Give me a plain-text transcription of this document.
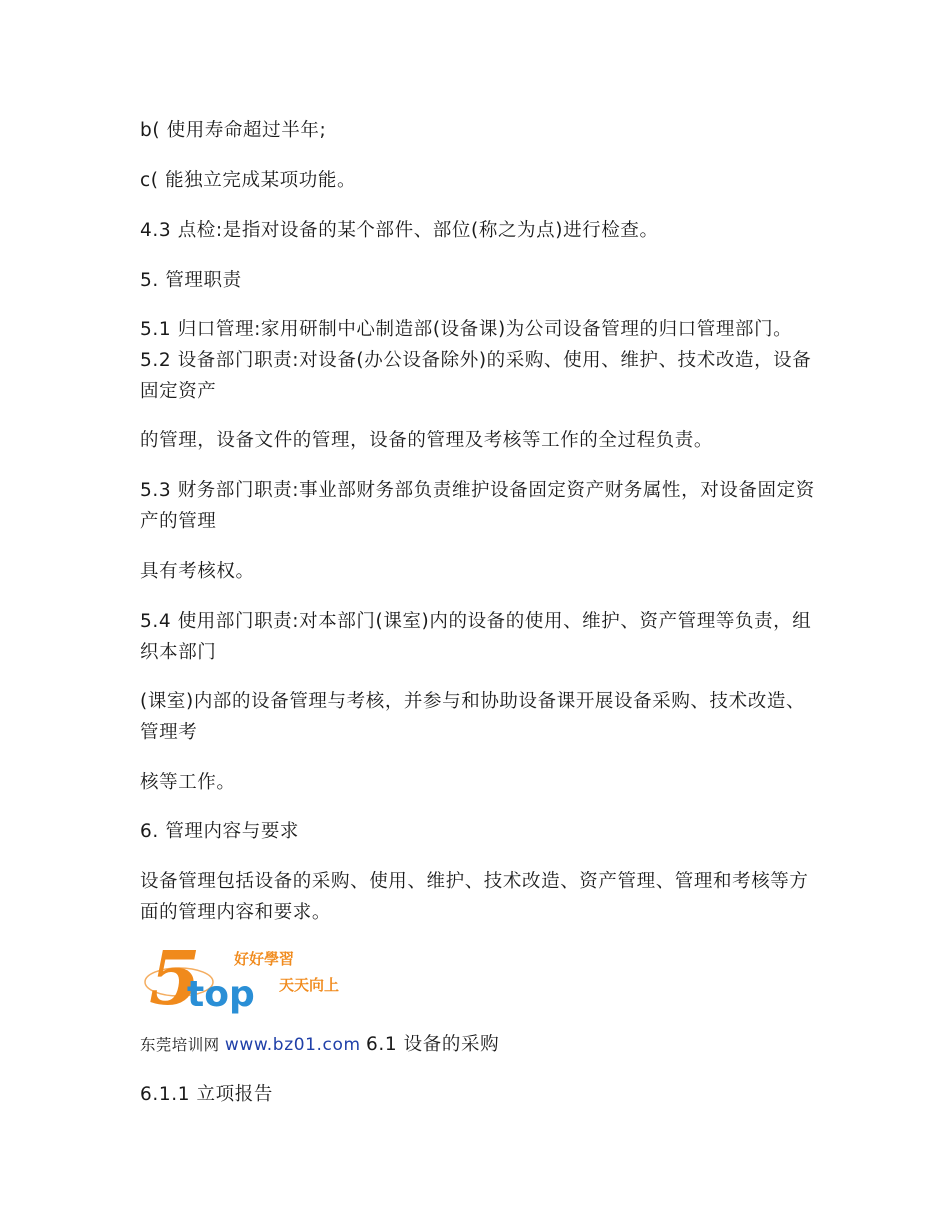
b( 使用寿命超过半年;

c( 能独立完成某项功能。

4.3 点检:是指对设备的某个部件、部位(称之为点)进行检查。

5. 管理职责

5.1 归口管理:家用研制中心制造部(设备课)为公司设备管理的归口管理部门。 5.2 设备部门职责:对设备(办公设备除外)的采购、使用、维护、技术改造，设备固定资产

的管理，设备文件的管理，设备的管理及考核等工作的全过程负责。

5.3 财务部门职责:事业部财务部负责维护设备固定资产财务属性，对设备固定资产的管理

具有考核权。

5.4 使用部门职责:对本部门(课室)内的设备的使用、维护、资产管理等负责，组织本部门

(课室)内部的设备管理与考核，并参与和协助设备课开展设备采购、技术改造、管理考

核等工作。

6. 管理内容与要求

设备管理包括设备的采购、使用、维护、技术改造、资产管理、管理和考核等方面的管理内容和要求。

5
top
好好學習
天天向上
东莞培训网 www.bz01.com 6.1 设备的采购

6.1.1 立项报告
